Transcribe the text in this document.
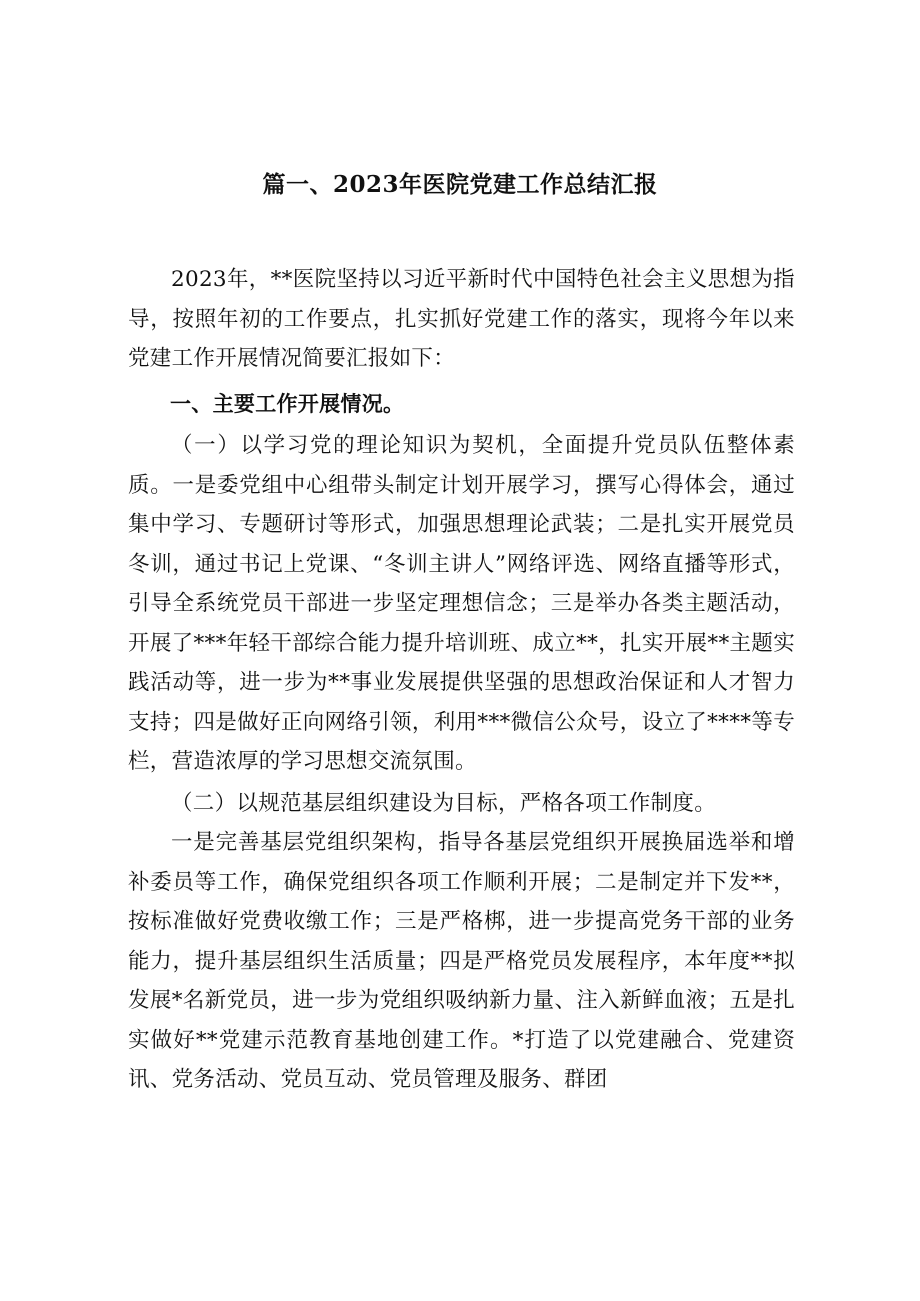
篇一、2023年医院党建工作总结汇报

2023年，**医院坚持以习近平新时代中国特色社会主义思想为指导，按照年初的工作要点，扎实抓好党建工作的落实，现将今年以来党建工作开展情况简要汇报如下：

一、主要工作开展情况。

（一）以学习党的理论知识为契机，全面提升党员队伍整体素质。一是委党组中心组带头制定计划开展学习，撰写心得体会，通过集中学习、专题研讨等形式，加强思想理论武装；二是扎实开展党员冬训，通过书记上党课、“冬训主讲人”网络评选、网络直播等形式，引导全系统党员干部进一步坚定理想信念；三是举办各类主题活动，开展了***年轻干部综合能力提升培训班、成立**，扎实开展**主题实践活动等，进一步为**事业发展提供坚强的思想政治保证和人才智力支持；四是做好正向网络引领，利用***微信公众号，设立了****等专栏，营造浓厚的学习思想交流氛围。

（二）以规范基层组织建设为目标，严格各项工作制度。

一是完善基层党组织架构，指导各基层党组织开展换届选举和增补委员等工作，确保党组织各项工作顺利开展；二是制定并下发**，按标准做好党费收缴工作；三是严格梆，进一步提高党务干部的业务能力，提升基层组织生活质量；四是严格党员发展程序，本年度**拟发展*名新党员，进一步为党组织吸纳新力量、注入新鲜血液；五是扎实做好**党建示范教育基地创建工作。*打造了以党建融合、党建资讯、党务活动、党员互动、党员管理及服务、群团
